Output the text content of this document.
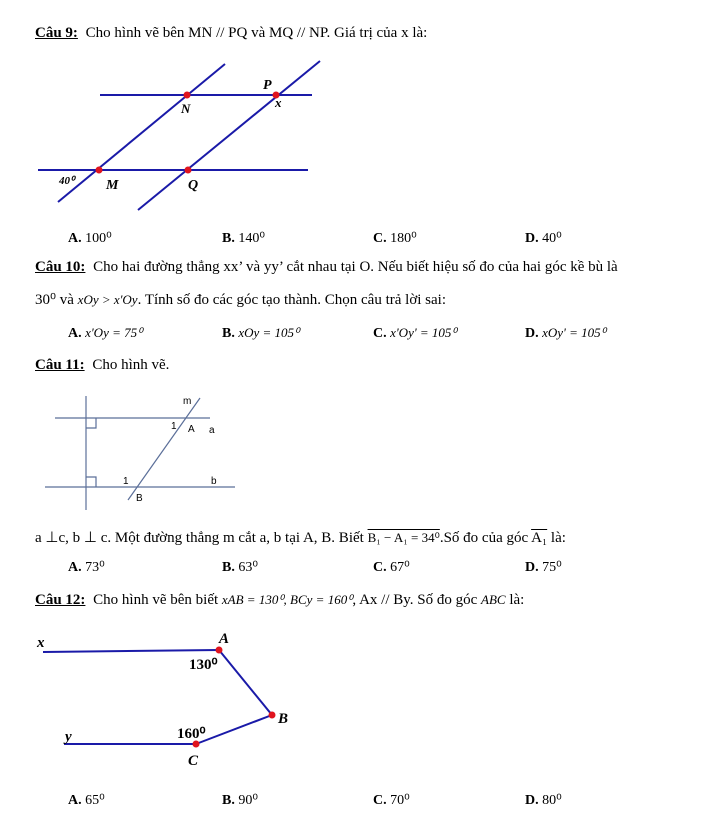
Câu 9: Cho hình vẽ bên MN // PQ và MQ // NP. Giá trị của x là:
P
N	x
40⁰ M	Q
A. 100⁰	B. 140⁰	C. 180⁰	D. 40⁰
Câu 10: Cho hai đường thẳng xx’ và yy’ cắt nhau tại O. Nếu biết hiệu số đo của hai góc kề bù là
30⁰ và xOy > x'Oy. Tính số đo các góc tạo thành. Chọn câu trả lời sai:
A. x'Oy = 75⁰	B. xOy = 105⁰	C. x'Oy' = 105⁰	D. xOy' = 105⁰
Câu 11: Cho hình vẽ.
m
1 A a
1	b
B
a ⊥c, b ⊥ c. Một đường thẳng m cắt a, b tại A, B. Biết B₁ − A₁ = 34⁰.Số đo của góc A₁ là:
A. 73⁰	B. 63⁰	C. 67⁰	D. 75⁰
Câu 12: Cho hình vẽ bên biết xAB = 130⁰, BCy = 160⁰, Ax // By. Số đo góc ABC là:
x	A
130⁰
B
y	160⁰
C
A. 65⁰	B. 90⁰	C. 70⁰	D. 80⁰
